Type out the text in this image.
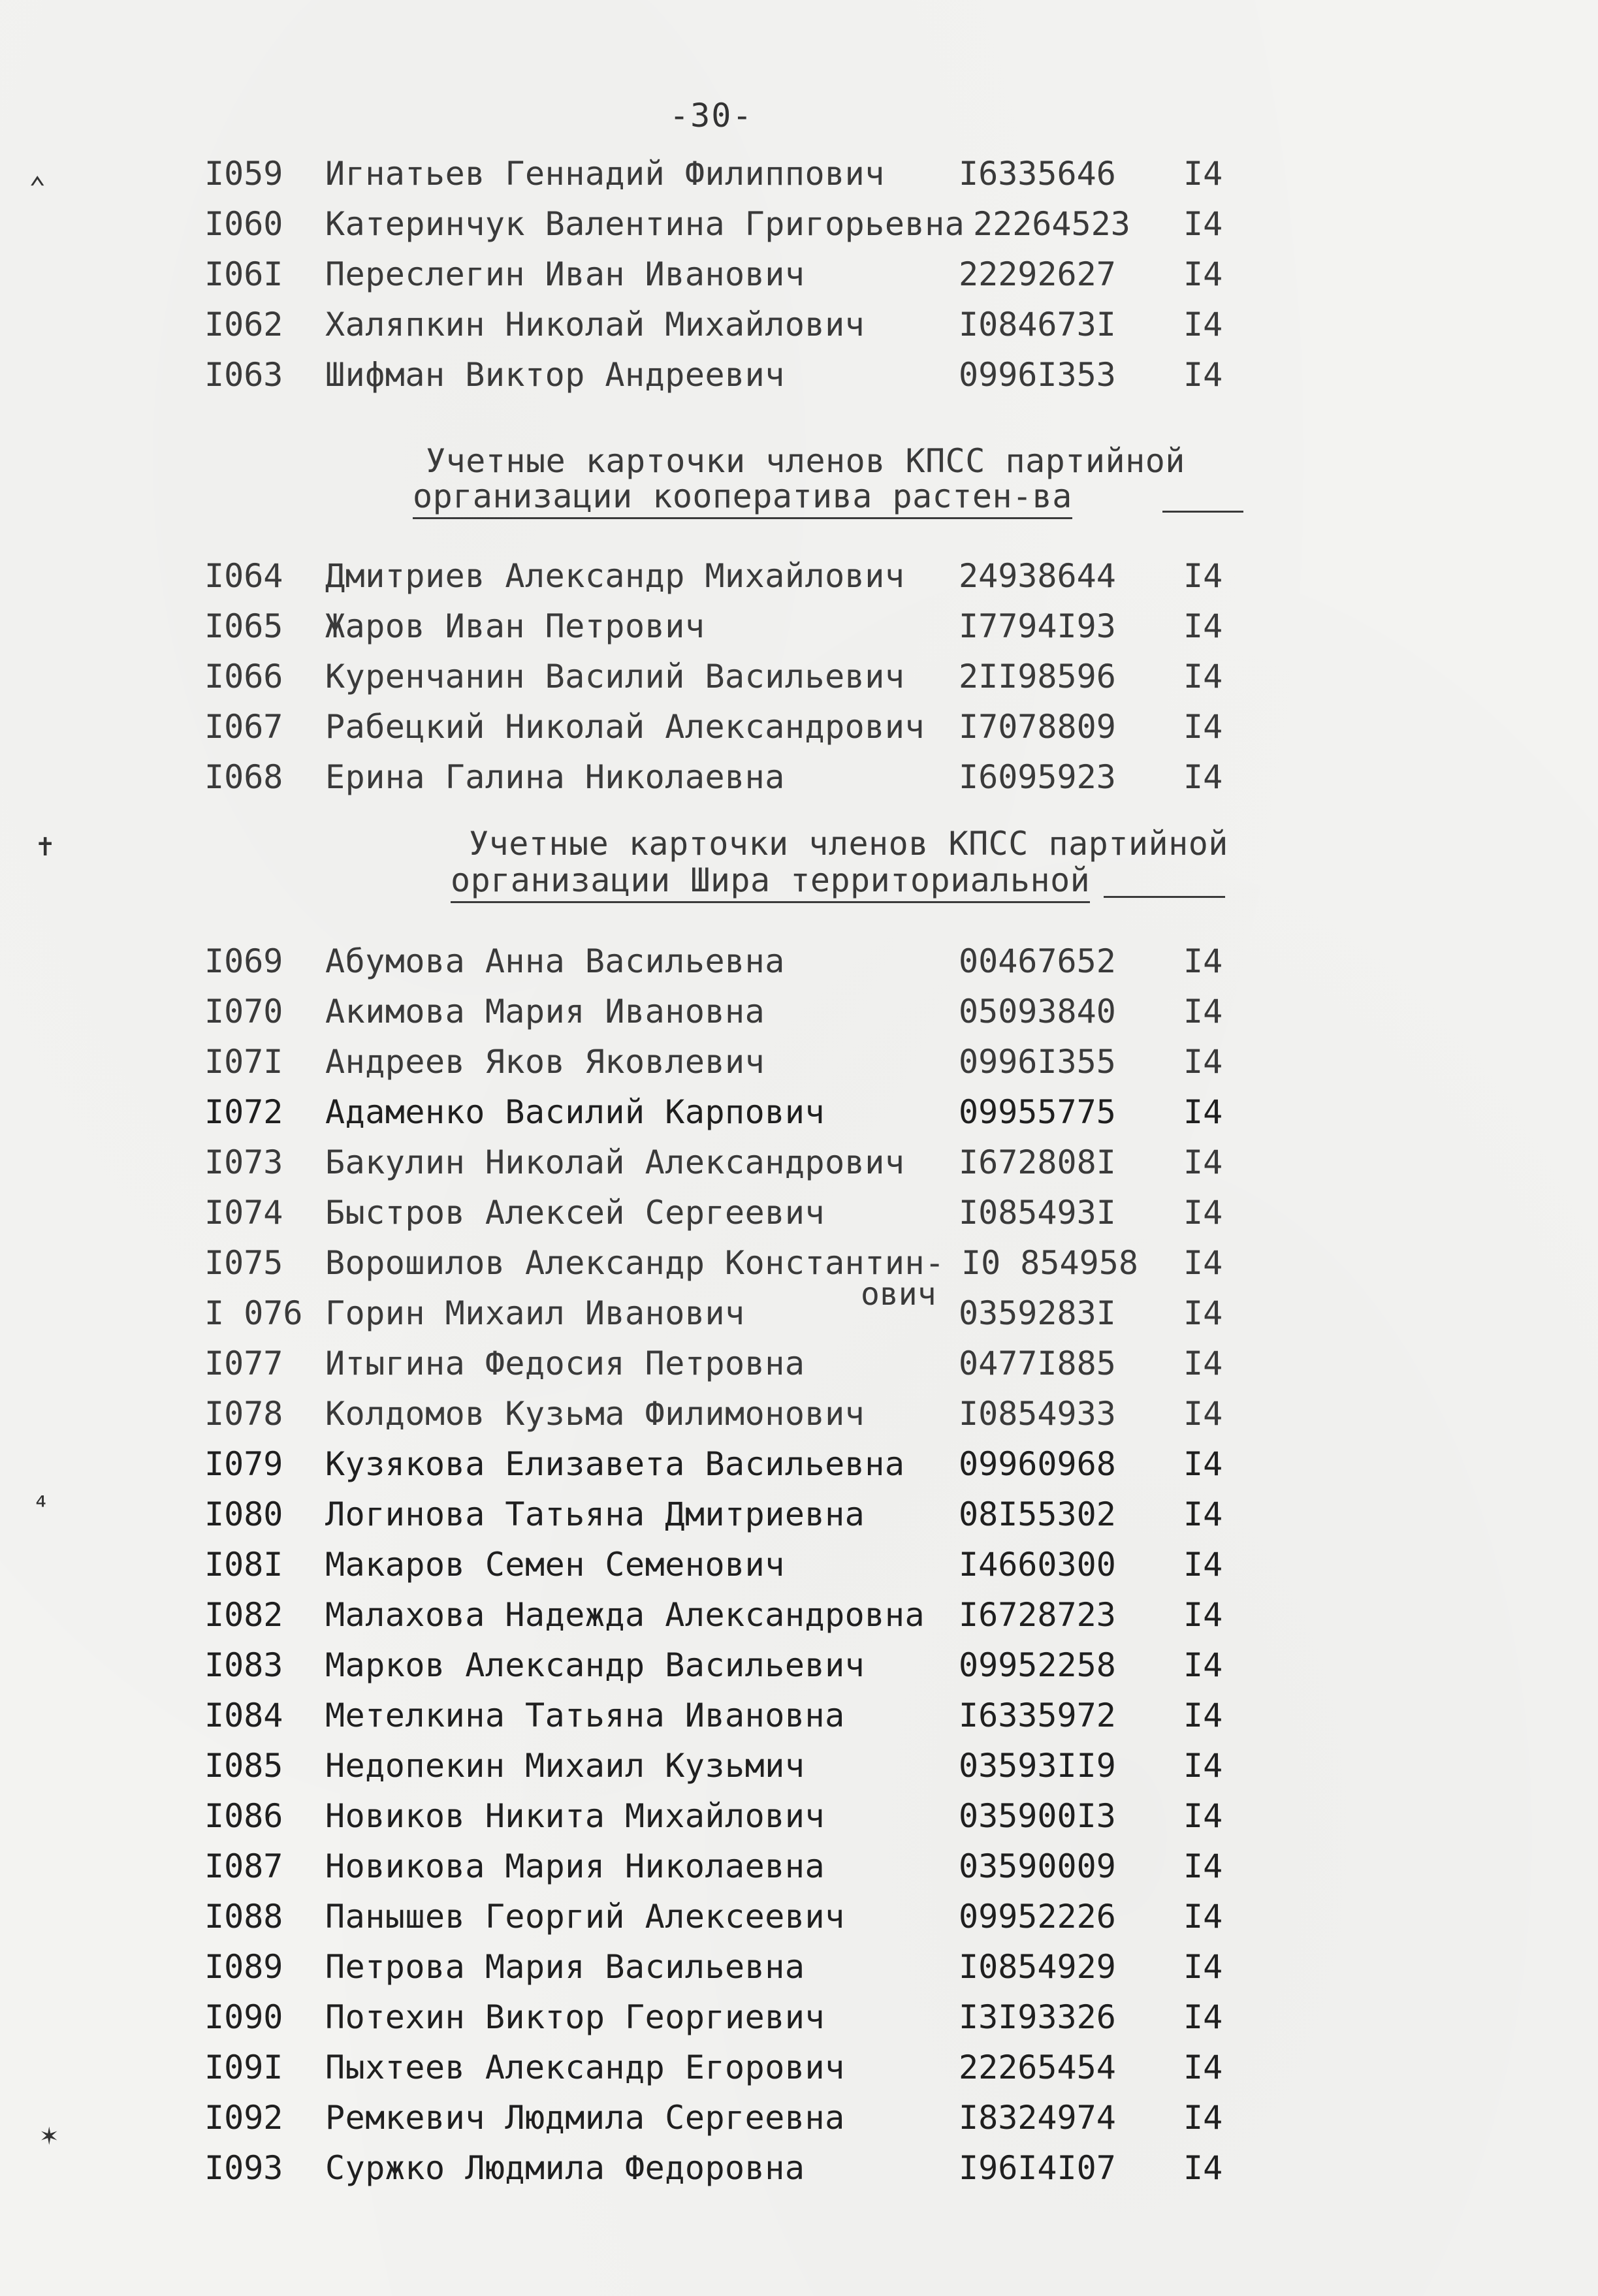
-30-
I059 Игнатьев Геннадий Филиппович I6335646 I4
I060 Катеринчук Валентина Григорьевна 22264523 I4
I06I Переслегин Иван Иванович	22292627 I4
I062 Халяпкин Николай Михайлович	I084673I I4
I063 Шифман Виктор Андреевич	0996I353 I4
Учетные карточки членов КПСС партийной
организации кооператива растен-ва
I064 Дмитриев Александр Михайлович 24938644 I4
I065 Жаров Иван Петрович	I7794I93 I4
I066 Куренчанин Василий Васильевич 2II98596 I4
I067 Рабецкий Николай Александрович I7078809 I4
I068 Ерина Галина Николаевна	I6095923 I4
Учетные карточки членов КПСС партийной
организации Шира территориальной
I069 Абумова Анна Васильевна	00467652 I4
I070 Акимова Мария Ивановна	05093840 I4
I07I Андреев Яков Яковлевич	0996I355 I4
I072 Адаменко Василий Карпович	09955775 I4
I073 Бакулин Николай Александрович I672808I I4
I074 Быстров Алексей Сергеевич	I085493I I4
I075 Ворошилов Александр Константин- I0 854958 I4
ович
I 076 Горин Михаил Иванович	0359283I I4
I077 Итыгина Федосия Петровна	0477I885 I4
I078 Колдомов Кузьма Филимонович	I0854933 I4
I079 Кузякова Елизавета Васильевна 09960968 I4
I080 Логинова Татьяна Дмитриевна	08I55302 I4
I08I Макаров Семен Семенович	I4660300 I4
I082 Малахова Надежда Александровна I6728723 I4
I083 Марков Александр Васильевич	09952258 I4
I084 Метелкина Татьяна Ивановна	I6335972 I4
I085 Недопекин Михаил Кузьмич	03593II9 I4
I086 Новиков Никита Михайлович	035900I3 I4
I087 Новикова Мария Николаевна	03590009 I4
I088 Панышев Георгий Алексеевич	09952226 I4
I089 Петрова Мария Васильевна	I0854929 I4
I090 Потехин Виктор Георгиевич	I3I93326 I4
I09I Пыхтеев Александр Егорович	22265454 I4
I092 Ремкевич Людмила Сергеевна	I8324974 I4
I093 Суржко Людмила Федоровна	I96I4I07 I4
⌃
✝
⁴
✶
